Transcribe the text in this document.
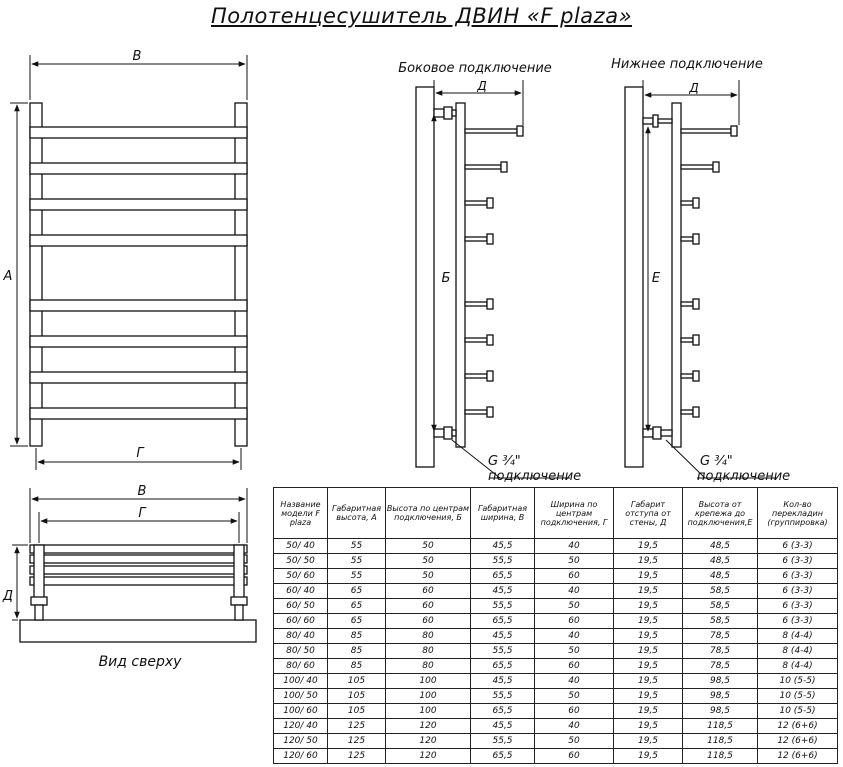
Полотенцесушитель ДВИН «F plaza»
В
А
Г
В
Г
Д
Вид сверху
Боковое подключение
Д
Б
G ¾"
подключение
Нижнее подключение
Д
Е
G ¾"
подключение
Название модели F plaza	Габаритная высота, А	Высота по центрам подключения, Б	Габаритная ширина, В	Ширина по центрам подключения, Г	Габарит отступа от стены, Д	Высота от крепежа до подключения,Е	Кол-во перекладин (группировка)
50/ 40	55	50	45,5	40	19,5	48,5	6 (3-3)
50/ 50	55	50	55,5	50	19,5	48,5	6 (3-3)
50/ 60	55	50	65,5	60	19,5	48,5	6 (3-3)
60/ 40	65	60	45,5	40	19,5	58,5	6 (3-3)
60/ 50	65	60	55,5	50	19,5	58,5	6 (3-3)
60/ 60	65	60	65,5	60	19,5	58,5	6 (3-3)
80/ 40	85	80	45,5	40	19,5	78,5	8 (4-4)
80/ 50	85	80	55,5	50	19,5	78,5	8 (4-4)
80/ 60	85	80	65,5	60	19,5	78,5	8 (4-4)
100/ 40	105	100	45,5	40	19,5	98,5	10 (5-5)
100/ 50	105	100	55,5	50	19,5	98,5	10 (5-5)
100/ 60	105	100	65,5	60	19,5	98,5	10 (5-5)
120/ 40	125	120	45,5	40	19,5	118,5	12 (6+6)
120/ 50	125	120	55,5	50	19,5	118,5	12 (6+6)
120/ 60	125	120	65,5	60	19,5	118,5	12 (6+6)
